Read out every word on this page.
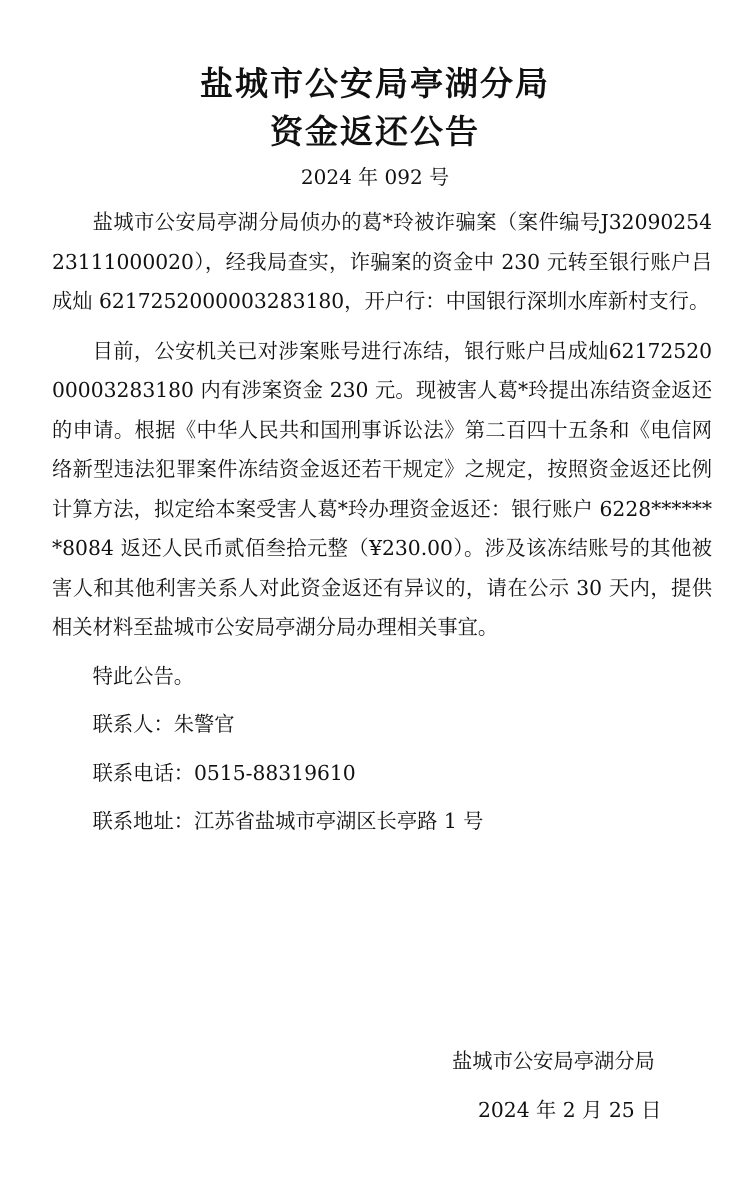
盐城市公安局亭湖分局
资金返还公告
2024 年 092 号

盐城市公安局亭湖分局侦办的葛*玲被诈骗案（案件编号J3209025423111000020），经我局查实，诈骗案的资金中 230 元转至银行账户吕成灿 6217252000003283180，开户行：中国银行深圳水库新村支行。

目前，公安机关已对涉案账号进行冻结，银行账户吕成灿6217252000003283180 内有涉案资金 230 元。现被害人葛*玲提出冻结资金返还的申请。根据《中华人民共和国刑事诉讼法》第二百四十五条和《电信网络新型违法犯罪案件冻结资金返还若干规定》之规定，按照资金返还比例计算方法，拟定给本案受害人葛*玲办理资金返还：银行账户 6228*******8084 返还人民币贰佰叁拾元整（¥230.00）。涉及该冻结账号的其他被害人和其他利害关系人对此资金返还有异议的，请在公示 30 天内，提供相关材料至盐城市公安局亭湖分局办理相关事宜。

特此公告。

联系人：朱警官

联系电话：0515-88319610

联系地址：江苏省盐城市亭湖区长亭路 1 号

盐城市公安局亭湖分局
2024 年 2 月 25 日
